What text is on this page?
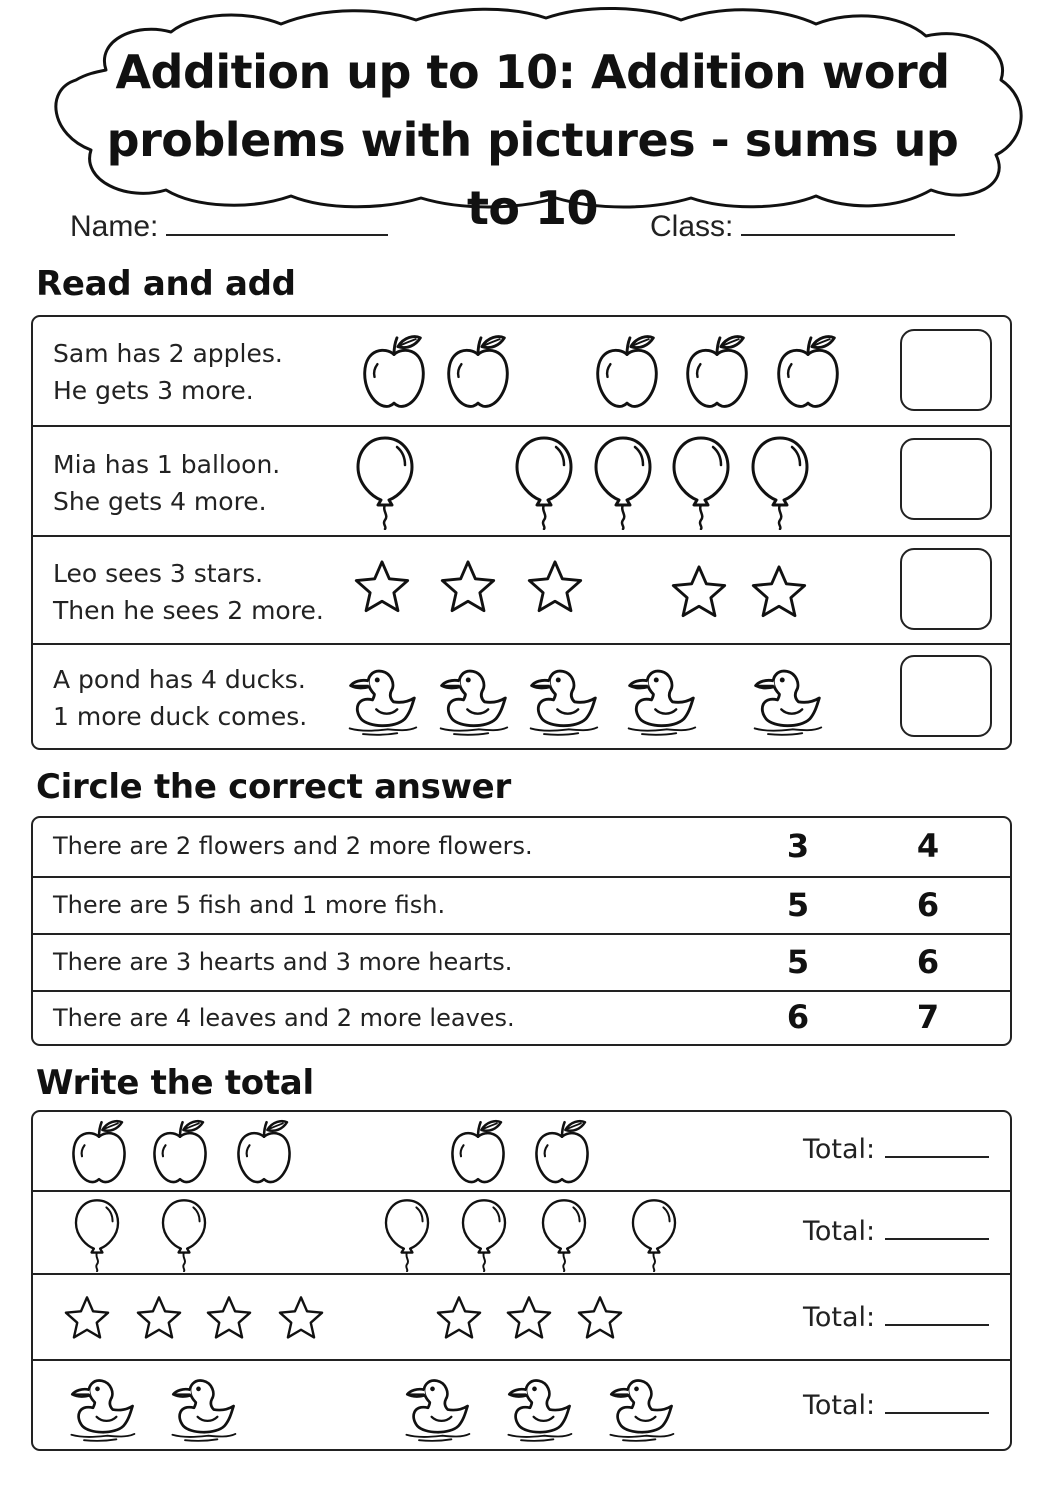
Addition up to 10: Addition word
problems with pictures - sums up to 10
Name:	Class:
Read and add
Sam has 2 apples.
He gets 3 more.
Mia has 1 balloon.
She gets 4 more.
Leo sees 3 stars.
Then he sees 2 more.
A pond has 4 ducks.
1 more duck comes.
Circle the correct answer
There are 2 flowers and 2 more flowers.	3	4
There are 5 fish and 1 more fish.	5	6
There are 3 hearts and 3 more hearts.	5	6
There are 4 leaves and 2 more leaves.	6	7
Write the total
Total:
Total:
Total:
Total:
